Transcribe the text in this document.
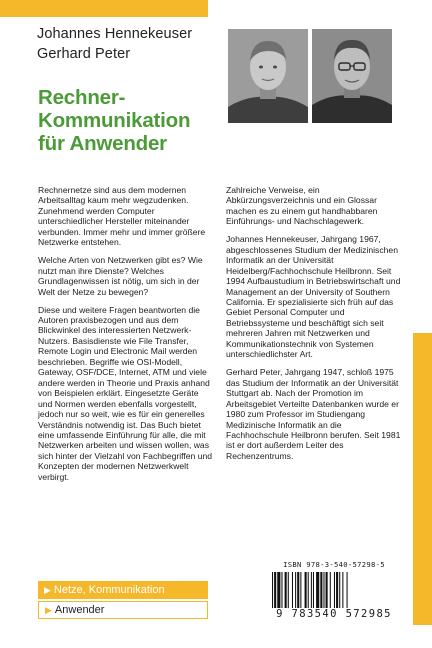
Johannes Hennekeuser
Gerhard Peter
Rechner-
Kommunikation
für Anwender

Rechnernetze sind aus dem modernen Arbeitsalltag kaum mehr wegzudenken. Zunehmend werden Computer unterschiedlicher Hersteller miteinander verbunden. Immer mehr und immer größere Netzwerke entstehen.

Welche Arten von Netzwerken gibt es? Wie nutzt man ihre Dienste? Welches Grundlagenwissen ist nötig, um sich in der Welt der Netze zu bewegen?

Diese und weitere Fragen beantworten die Autoren praxisbezogen und aus dem Blickwinkel des interessierten Netzwerk-Nutzers. Basisdienste wie File Transfer, Remote Login und Electronic Mail werden beschrieben. Begriffe wie OSI-Modell, Gateway, OSF/DCE, Internet, ATM und viele andere werden in Theorie und Praxis anhand von Beispielen erklärt. Eingesetzte Geräte und Normen werden ebenfalls vorgestellt, jedoch nur so weit, wie es für ein generelles Verständnis notwendig ist. Das Buch bietet eine umfassende Einführung für alle, die mit Netzwerken arbeiten und wissen wollen, was sich hinter der Vielzahl von Fachbegriffen und Konzepten der modernen Netzwerkwelt verbirgt.

Zahlreiche Verweise, ein Abkürzungsverzeichnis und ein Glossar machen es zu einem gut handhabbaren Einführungs- und Nachschlagewerk.

Johannes Hennekeuser, Jahrgang 1967, abgeschlossenes Studium der Medizinischen Informatik an der Universität Heidelberg/Fachhochschule Heilbronn. Seit 1994 Aufbaustudium in Betriebswirtschaft und Management an der University of Southern California. Er spezialisierte sich früh auf das Gebiet Personal Computer und Betriebssysteme und beschäftigt sich seit mehreren Jahren mit Netzwerken und Kommunikationstechnik von Systemen unterschiedlichster Art.

Gerhard Peter, Jahrgang 1947, schloß 1975 das Studium der Informatik an der Universität Stuttgart ab. Nach der Promotion im Arbeitsgebiet Verteilte Datenbanken wurde er 1980 zum Professor im Studiengang Medizinische Informatik an die Fachhochschule Heilbronn berufen. Seit 1981 ist er dort außerdem Leiter des Rechenzentrums.

ISBN 978-3-540-57298-5
9 783540 572985
▶ Netze, Kommunikation
▶ Anwender
